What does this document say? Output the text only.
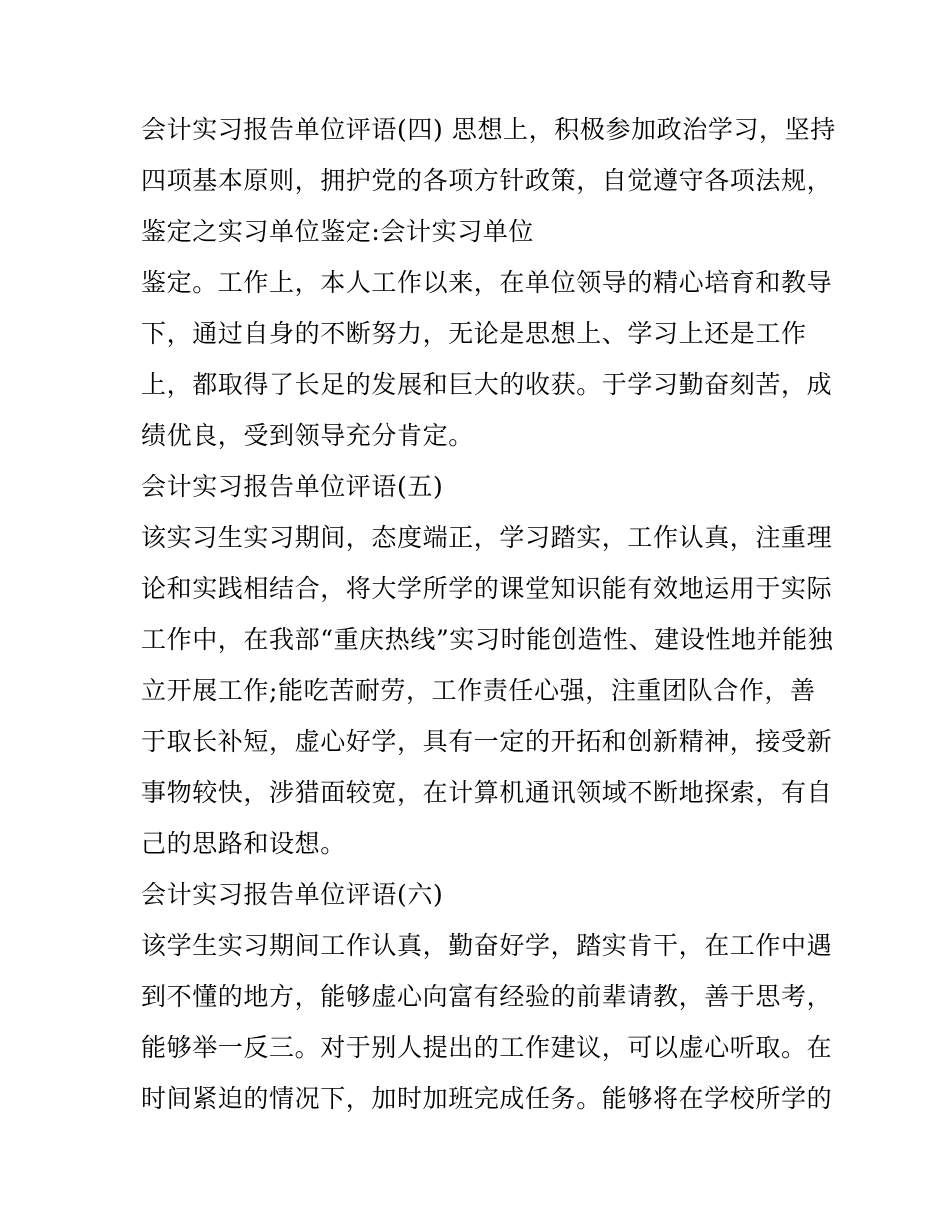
会计实习报告单位评语(四) 思想上，积极参加政治学习，坚持
四项基本原则，拥护党的各项方针政策，自觉遵守各项法规，
鉴定之实习单位鉴定:会计实习单位
鉴定。工作上，本人工作以来，在单位领导的精心培育和教导
下，通过自身的不断努力，无论是思想上、学习上还是工作
上，都取得了长足的发展和巨大的收获。于学习勤奋刻苦，成
绩优良，受到领导充分肯定。
会计实习报告单位评语(五)
该实习生实习期间，态度端正，学习踏实，工作认真，注重理
论和实践相结合，将大学所学的课堂知识能有效地运用于实际
工作中，在我部“重庆热线”实习时能创造性、建设性地并能独
立开展工作;能吃苦耐劳，工作责任心强，注重团队合作，善
于取长补短，虚心好学，具有一定的开拓和创新精神，接受新
事物较快，涉猎面较宽，在计算机通讯领域不断地探索，有自
己的思路和设想。
会计实习报告单位评语(六)
该学生实习期间工作认真，勤奋好学，踏实肯干，在工作中遇
到不懂的地方，能够虚心向富有经验的前辈请教，善于思考，
能够举一反三。对于别人提出的工作建议，可以虚心听取。在
时间紧迫的情况下，加时加班完成任务。能够将在学校所学的
